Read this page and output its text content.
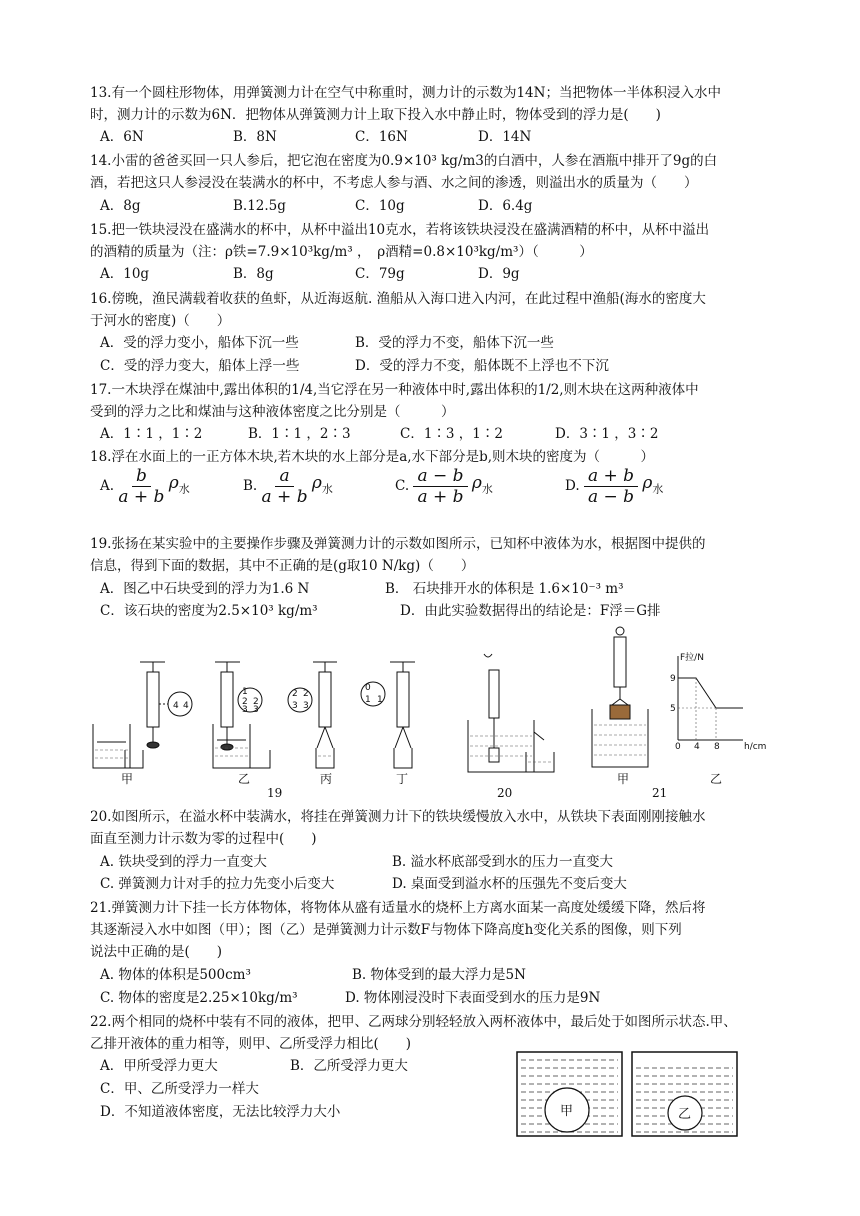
13.有一个圆柱形物体，用弹簧测力计在空气中称重时，测力计的示数为14N；当把物体一半体积浸入水中
时，测力计的示数为6N．把物体从弹簧测力计上取下投入水中静止时，物体受到的浮力是(　　)
A．6N	B．8N	C．16N	D．14N
14.小雷的爸爸买回一只人参后，把它泡在密度为0.9×10³ kg/m3的白酒中，人参在酒瓶中排开了9g的白
酒，若把这只人参浸没在装满水的杯中，不考虑人参与酒、水之间的渗透，则溢出水的质量为（　　）
A．8g	B.12.5g	C．10g	D．6.4g
15.把一铁块浸没在盛满水的杯中，从杯中溢出10克水，若将该铁块浸没在盛满酒精的杯中，从杯中溢出
的酒精的质量为（注：ρ铁=7.9×10³kg/m³ ，　ρ酒精=0.8×10³kg/m³）（　　　）
A．10g	B．8g	C．79g	D．9g
16.傍晚，渔民满载着收获的鱼虾，从近海返航. 渔船从入海口进入内河，在此过程中渔船(海水的密度大
于河水的密度)（　　）
A．受的浮力变小，船体下沉一些	B．受的浮力不变，船体下沉一些
C．受的浮力变大，船体上浮一些	D．受的浮力不变，船体既不上浮也不下沉
17.一木块浮在煤油中,露出体积的1/4,当它浮在另一种液体中时,露出体积的1/2,则木块在这两种液体中
受到的浮力之比和煤油与这种液体密度之比分别是（　　　）
A．1∶1 ，1∶2	B．1∶1 ，2∶3	C．1∶3 ，1∶2	D．3∶1 ，3∶2
18.浮在水面上的一正方体木块,若木块的水上部分是a,水下部分是b,则木块的密度为（　　　）
A. $\frac{b}{a + b} \rho_水$	B. $\frac{a}{a + b} \rho_水$	C. $\frac{a - b}{a + b} \rho_水$	D. $\frac{a + b}{a - b} \rho_水$
19.张扬在某实验中的主要操作步骤及弹簧测力计的示数如图所示，已知杯中液体为水，根据图中提供的
信息，得到下面的数据，其中不正确的是(g取10 N/kg)（　　）
A．图乙中石块受到的浮力为1.6 N	B． 石块排开水的体积是 1.6×10⁻³ m³
C．该石块的密度为2.5×10³ kg/m³	D．由此实验数据得出的结论是：F浮＝G排
4 4
1
2 2
3 3
2 2
3 3
0
1 1
甲	乙	丙	丁
19	20
甲
21
F拉/N
9
5
0 4 8	h/cm
乙
20.如图所示，在溢水杯中装满水，将挂在弹簧测力计下的铁块缓慢放入水中，从铁块下表面刚刚接触水
面直至测力计示数为零的过程中(　　)
A. 铁块受到的浮力一直变大	B. 溢水杯底部受到水的压力一直变大
C. 弹簧测力计对手的拉力先变小后变大	D. 桌面受到溢水杯的压强先不变后变大
21.弹簧测力计下挂一长方体物体，将物体从盛有适量水的烧杯上方离水面某一高度处缓缓下降，然后将
其逐渐浸入水中如图（甲）；图（乙）是弹簧测力计示数F与物体下降高度h变化关系的图像，则下列
说法中正确的是(　　)
A. 物体的体积是500cm³	B. 物体受到的最大浮力是5N
C. 物体的密度是2.25×10kg/m³	D. 物体刚浸没时下表面受到水的压力是9N
22.两个相同的烧杯中装有不同的液体，把甲、乙两球分别轻轻放入两杯液体中，最后处于如图所示状态.甲、
乙排开液体的重力相等，则甲、乙所受浮力相比(　　)
A．甲所受浮力更大	B．乙所受浮力更大
C．甲、乙所受浮力一样大
D．不知道液体密度，无法比较浮力大小	甲	乙
